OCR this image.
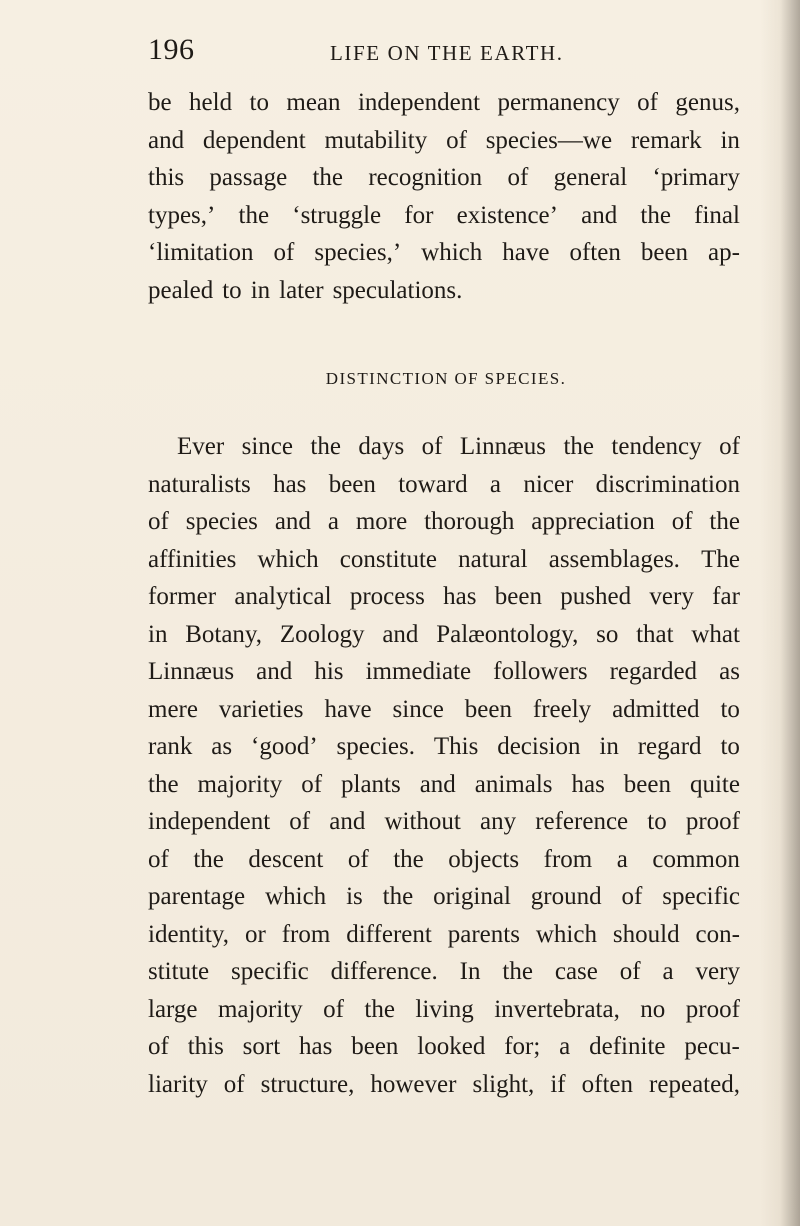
196	LIFE ON THE EARTH.
be held to mean independent permanency of genus,
and dependent mutability of species—we remark in
this passage the recognition of general ‘primary
types,’ the ‘struggle for existence’ and the final
‘limitation of species,’ which have often been ap-
pealed to in later speculations.
DISTINCTION OF SPECIES.
Ever since the days of Linnæus the tendency of
naturalists has been toward a nicer discrimination
of species and a more thorough appreciation of the
affinities which constitute natural assemblages. The
former analytical process has been pushed very far
in Botany, Zoology and Palæontology, so that what
Linnæus and his immediate followers regarded as
mere varieties have since been freely admitted to
rank as ‘good’ species. This decision in regard to
the majority of plants and animals has been quite
independent of and without any reference to proof
of the descent of the objects from a common
parentage which is the original ground of specific
identity, or from different parents which should con-
stitute specific difference. In the case of a very
large majority of the living invertebrata, no proof
of this sort has been looked for; a definite pecu-
liarity of structure, however slight, if often repeated,
